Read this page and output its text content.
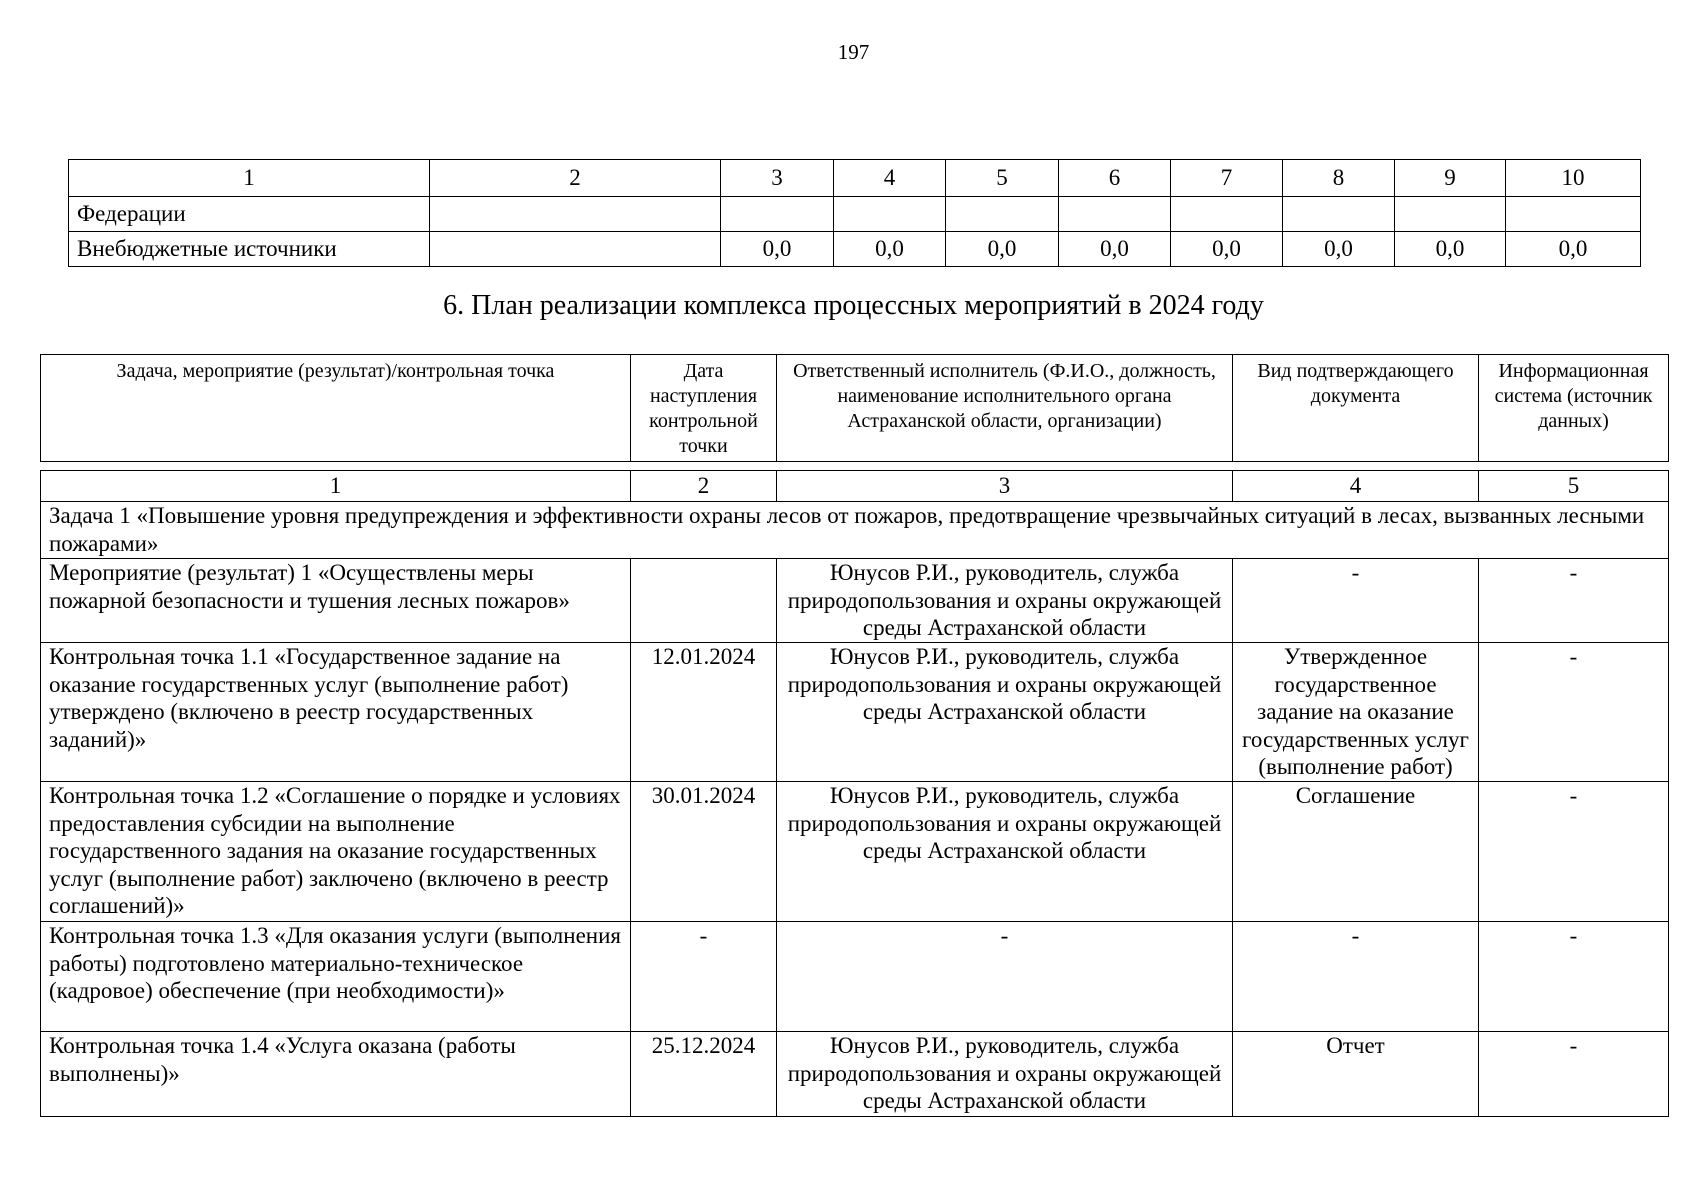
197
1	2	3	4	5	6	7	8	9	10
Федерации									
Внебюджетные источники		0,0	0,0	0,0	0,0	0,0	0,0	0,0	0,0
6. План реализации комплекса процессных мероприятий в 2024 году
Задача, мероприятие (результат)/контрольная точка	Дата наступления контрольной точки	Ответственный исполнитель (Ф.И.О., должность, наименование исполнительного органа Астраханской области, организации)	Вид подтверждающего документа	Информационная система (источник данных)
1	2	3	4	5
Задача 1 «Повышение уровня предупреждения и эффективности охраны лесов от пожаров, предотвращение чрезвычайных ситуаций в лесах, вызванных лесными пожарами»				
Мероприятие (результат) 1 «Осуществлены меры пожарной безопасности и тушения лесных пожаров»		Юнусов Р.И., руководитель, служба природопользования и охраны окружающей среды Астраханской области	-	-
Контрольная точка 1.1 «Государственное задание на оказание государственных услуг (выполнение работ) утверждено (включено в реестр государственных заданий)»	12.01.2024	Юнусов Р.И., руководитель, служба природопользования и охраны окружающей среды Астраханской области	Утвержденное государственное задание на оказание государственных услуг (выполнение работ)	-
Контрольная точка 1.2 «Соглашение о порядке и условиях предоставления субсидии на выполнение государственного задания на оказание государственных услуг (выполнение работ) заключено (включено в реестр соглашений)»	30.01.2024	Юнусов Р.И., руководитель, служба природопользования и охраны окружающей среды Астраханской области	Соглашение	-
Контрольная точка 1.3 «Для оказания услуги (выполнения работы) подготовлено материально-техническое (кадровое) обеспечение (при необходимости)»	-	-	-	-
Контрольная точка 1.4 «Услуга оказана (работы выполнены)»	25.12.2024	Юнусов Р.И., руководитель, служба природопользования и охраны окружающей среды Астраханской области	Отчет	-
